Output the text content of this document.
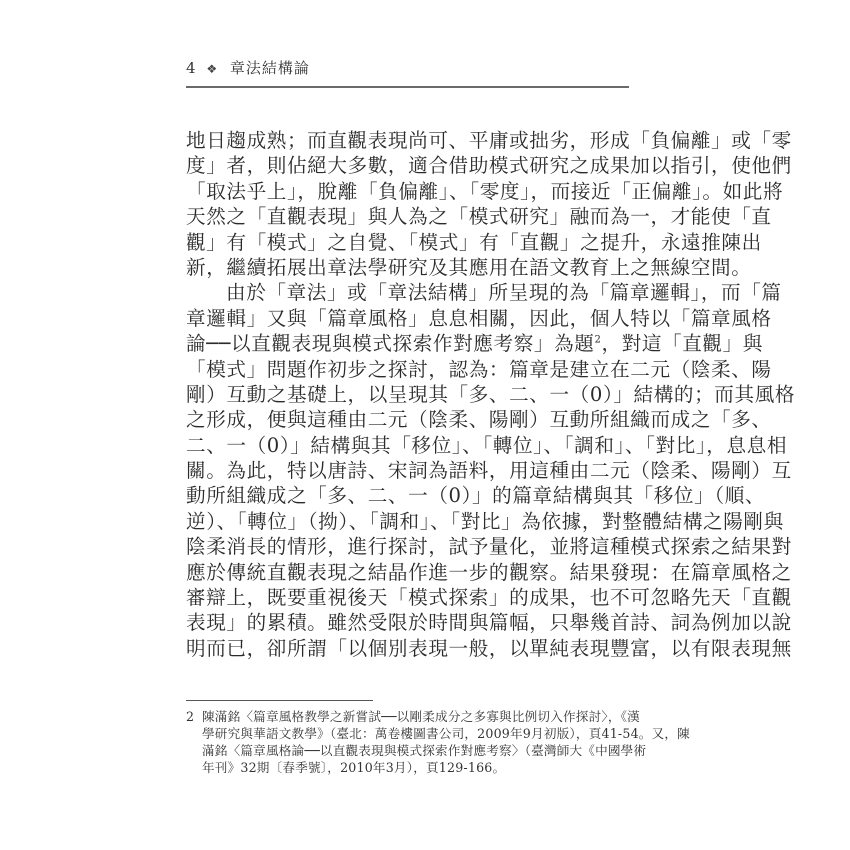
4 ❖ 章法結構論
地日趨成熟；而直觀表現尚可、平庸或拙劣，形成「負偏離」或「零
度」者，則佔絕大多數，適合借助模式研究之成果加以指引，使他們
「取法乎上」，脫離「負偏離」、「零度」，而接近「正偏離」。如此將
天然之「直觀表現」與人為之「模式研究」融而為一，才能使「直
觀」有「模式」之自覺、「模式」有「直觀」之提升，永遠推陳出
新，繼續拓展出章法學研究及其應用在語文教育上之無線空間。
由於「章法」或「章法結構」所呈現的為「篇章邏輯」，而「篇
章邏輯」又與「篇章風格」息息相關，因此，個人特以「篇章風格
論──以直觀表現與模式探索作對應考察」為題$^2$，對這「直觀」與
「模式」問題作初步之探討，認為：篇章是建立在二元（陰柔、陽
剛）互動之基礎上，以呈現其「多、二、一（0）」結構的；而其風格
之形成，便與這種由二元（陰柔、陽剛）互動所組織而成之「多、
二、一（0）」結構與其「移位」、「轉位」、「調和」、「對比」，息息相
關。為此，特以唐詩、宋詞為語料，用這種由二元（陰柔、陽剛）互
動所組織成之「多、二、一（0）」的篇章結構與其「移位」（順、
逆）、「轉位」（拗）、「調和」、「對比」為依據，對整體結構之陽剛與
陰柔消長的情形，進行探討，試予量化，並將這種模式探索之結果對
應於傳統直觀表現之結晶作進一步的觀察。結果發現：在篇章風格之
審辯上，既要重視後天「模式探索」的成果，也不可忽略先天「直觀
表現」的累積。雖然受限於時間與篇幅，只舉幾首詩、詞為例加以說
明而已，卻所謂「以個別表現一般，以單純表現豐富，以有限表現無
2 陳滿銘〈篇章風格教學之新嘗試──以剛柔成分之多寡與比例切入作探討〉，《漢
學研究與華語文教學》（臺北：萬卷樓圖書公司，2009年9月初版），頁41-54。又，陳
滿銘〈篇章風格論──以直觀表現與模式探索作對應考察〉（臺灣師大《中國學術
年刊》32期〔春季號〕，2010年3月），頁129-166。
